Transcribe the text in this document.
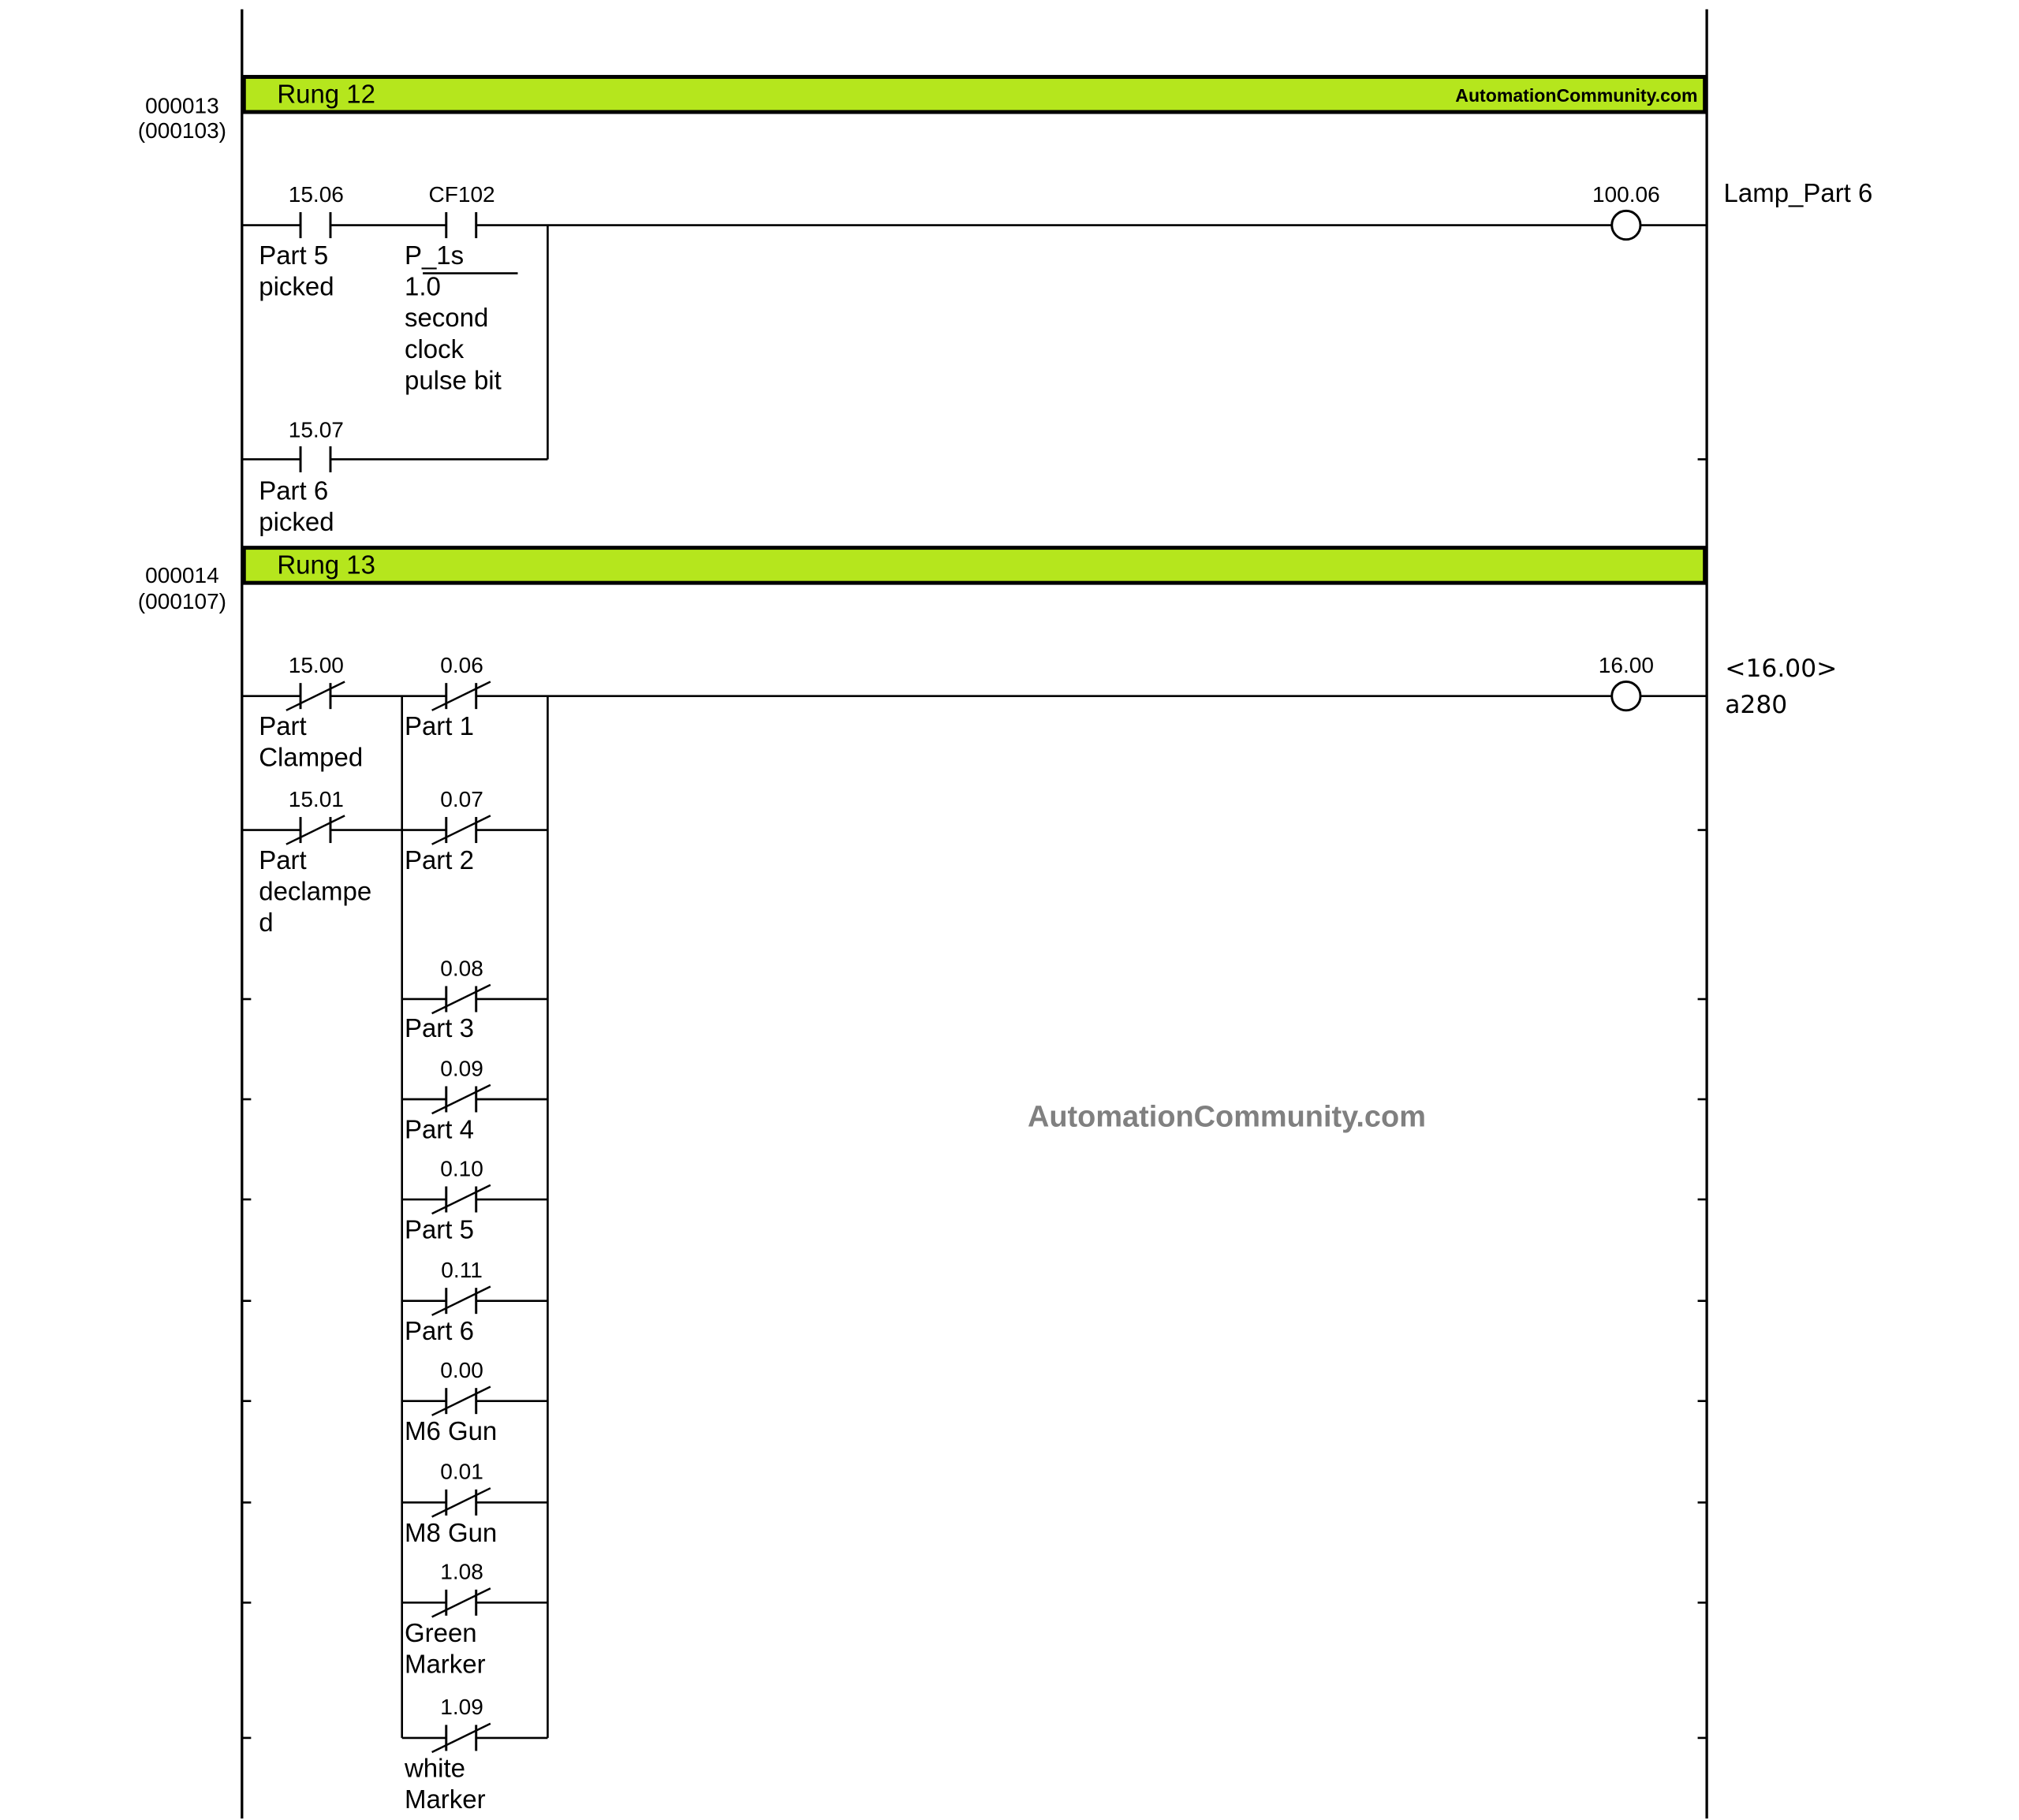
Rung 12	AutomationCommunity.com
000013
(000103)
15.06
Part 5 picked
CF102
P_1s 1.0 second clock pulse bit
15.07
Part 6 picked
100.06	Lamp_Part 6
Rung 13
000014
(000107)
15.00
Part Clamped
15.01
Part declampe d
0.06
Part 1
0.07
Part 2
0.08
Part 3
0.09
Part 4
0.10
Part 5
0.11
Part 6
0.00
M6 Gun
0.01
M8 Gun
1.08
Green Marker
1.09
white Marker
16.00	<16.00> a280
AutomationCommunity.com
